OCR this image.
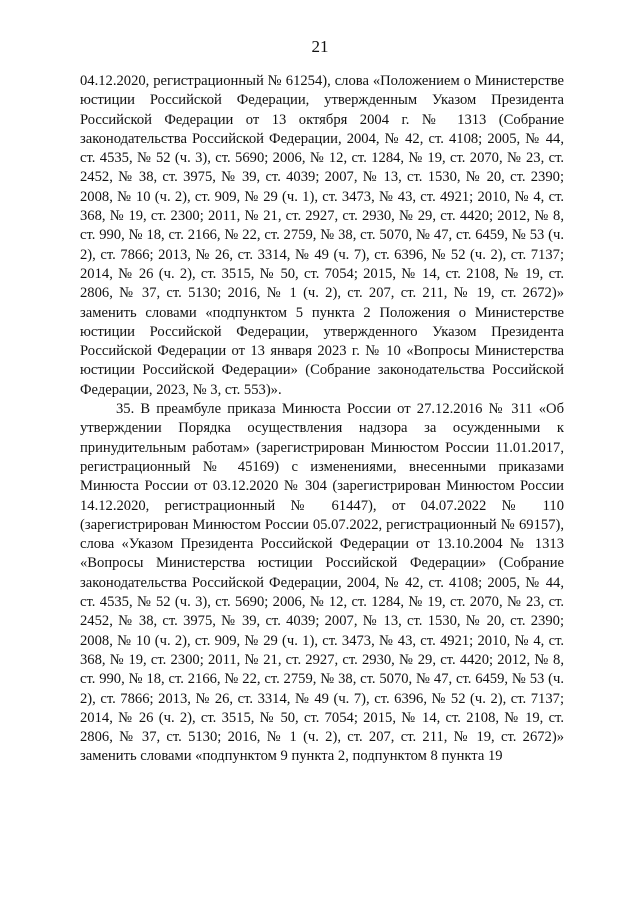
21

04.12.2020, регистрационный № 61254), слова «Положением о Министерстве юстиции Российской Федерации, утвержденным Указом Президента Российской Федерации от 13 октября 2004 г. № 1313 (Собрание законодательства Российской Федерации, 2004, № 42, ст. 4108; 2005, № 44, ст. 4535, № 52 (ч. 3), ст. 5690; 2006, № 12, ст. 1284, № 19, ст. 2070, № 23, ст. 2452, № 38, ст. 3975, № 39, ст. 4039; 2007, № 13, ст. 1530, № 20, ст. 2390; 2008, № 10 (ч. 2), ст. 909, № 29 (ч. 1), ст. 3473, № 43, ст. 4921; 2010, № 4, ст. 368, № 19, ст. 2300; 2011, № 21, ст. 2927, ст. 2930, № 29, ст. 4420; 2012, № 8, ст. 990, № 18, ст. 2166, № 22, ст. 2759, № 38, ст. 5070, № 47, ст. 6459, № 53 (ч. 2), ст. 7866; 2013, № 26, ст. 3314, № 49 (ч. 7), ст. 6396, № 52 (ч. 2), ст. 7137; 2014, № 26 (ч. 2), ст. 3515, № 50, ст. 7054; 2015, № 14, ст. 2108, № 19, ст. 2806, № 37, ст. 5130; 2016, № 1 (ч. 2), ст. 207, ст. 211, № 19, ст. 2672)» заменить словами «подпунктом 5 пункта 2 Положения о Министерстве юстиции Российской Федерации, утвержденного Указом Президента Российской Федерации от 13 января 2023 г. № 10 «Вопросы Министерства юстиции Российской Федерации» (Собрание законодательства Российской Федерации, 2023, № 3, ст. 553)».

35. В преамбуле приказа Минюста России от 27.12.2016 № 311 «Об утверждении Порядка осуществления надзора за осужденными к принудительным работам» (зарегистрирован Минюстом России 11.01.2017, регистрационный № 45169) с изменениями, внесенными приказами Минюста России от 03.12.2020 № 304 (зарегистрирован Минюстом России 14.12.2020, регистрационный № 61447), от 04.07.2022 № 110 (зарегистрирован Минюстом России 05.07.2022, регистрационный № 69157), слова «Указом Президента Российской Федерации от 13.10.2004 № 1313 «Вопросы Министерства юстиции Российской Федерации» (Собрание законодательства Российской Федерации, 2004, № 42, ст. 4108; 2005, № 44, ст. 4535, № 52 (ч. 3), ст. 5690; 2006, № 12, ст. 1284, № 19, ст. 2070, № 23, ст. 2452, № 38, ст. 3975, № 39, ст. 4039; 2007, № 13, ст. 1530, № 20, ст. 2390; 2008, № 10 (ч. 2), ст. 909, № 29 (ч. 1), ст. 3473, № 43, ст. 4921; 2010, № 4, ст. 368, № 19, ст. 2300; 2011, № 21, ст. 2927, ст. 2930, № 29, ст. 4420; 2012, № 8, ст. 990, № 18, ст. 2166, № 22, ст. 2759, № 38, ст. 5070, № 47, ст. 6459, № 53 (ч. 2), ст. 7866; 2013, № 26, ст. 3314, № 49 (ч. 7), ст. 6396, № 52 (ч. 2), ст. 7137; 2014, № 26 (ч. 2), ст. 3515, № 50, ст. 7054; 2015, № 14, ст. 2108, № 19, ст. 2806, № 37, ст. 5130; 2016, № 1 (ч. 2), ст. 207, ст. 211, № 19, ст. 2672)» заменить словами «подпунктом 9 пункта 2, подпунктом 8 пункта 19
